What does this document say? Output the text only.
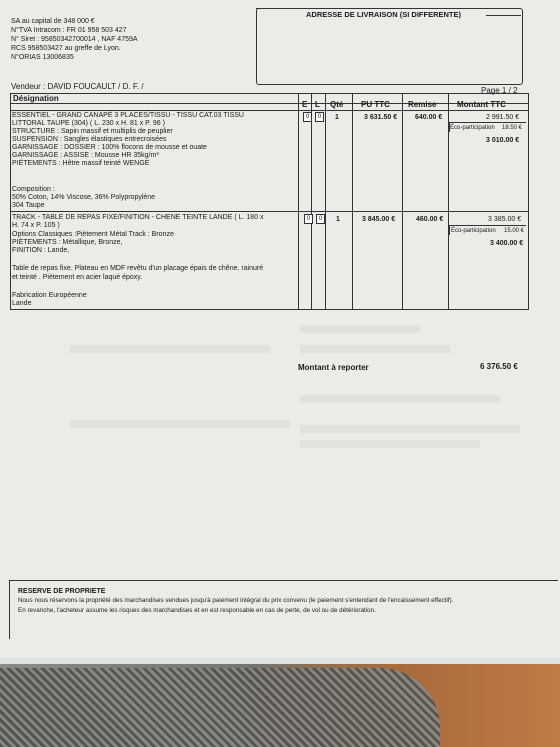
SA au capital de 348 000 €
N°TVA Intracom : FR 01 958 503 427
N° Siret : 95850342700014 , NAF 4759A
RCS 958503427 au greffe de Lyon.
N°ORIAS 13006835
ADRESSE DE LIVRAISON (SI DIFFERENTE)
Vendeur : DAVID FOUCAULT / D. F. /	Page 1 / 2
Désignation
E L Qté PU TTC Remise	Montant TTC
ESSENTIEL - GRAND CANAPÉ 3 PLACES/TISSU - TISSU CAT.03 TISSU
LITTORAL TAUPE (304) ( L. 230 x H. 81 x P. 96 )
STRUCTURE : Sapin massif et multiplis de peuplier
SUSPENSION : Sangles élastiques entrecroisées
GARNISSAGE : DOSSIER : 100% flocons de mousse et ouate
GARNISSAGE : ASSISE : Mousse HR 35kg/m³
PIÉTEMENTS : Hêtre massif teinté WENGE
Composition :
50% Coton, 14% Viscose, 36% Polypropylène
304 Taupe
0	0	1	3 631.50 €	640.00 €	2 991.50 €
Éco-participation 18.50 €
3 010.00 €
TRACK - TABLE DE REPAS FIXE/FINITION - CHENE TEINTE LANDE ( L. 180 x
H. 74 x P. 105 )
Options Classiques :Piètement Métal Track : Bronze
PIÈTEMENTS : Métallique, Bronze,
FINITION : Lande,
Table de repas fixe. Plateau en MDF revêtu d'un placage épais de chêne, rainuré
et teinté . Piètement en acier laqué époxy.
Fabrication Européenne
Lande
0	0	1	3 845.00 €	460.00 €	3 385.00 €
Éco-participation 15.00 €
3 400.00 €
Montant à reporter	6 376.50 €
RESERVE DE PROPRIETE
Nous nous réservons la propriété des marchandises vendues jusqu'à paiement intégral du prix convenu (le paiement s'entendant de l'encaissement effectif).
En revanche, l'acheteur assume les risques des marchandises et en est responsable en cas de perte, de vol ou de détérioration.
